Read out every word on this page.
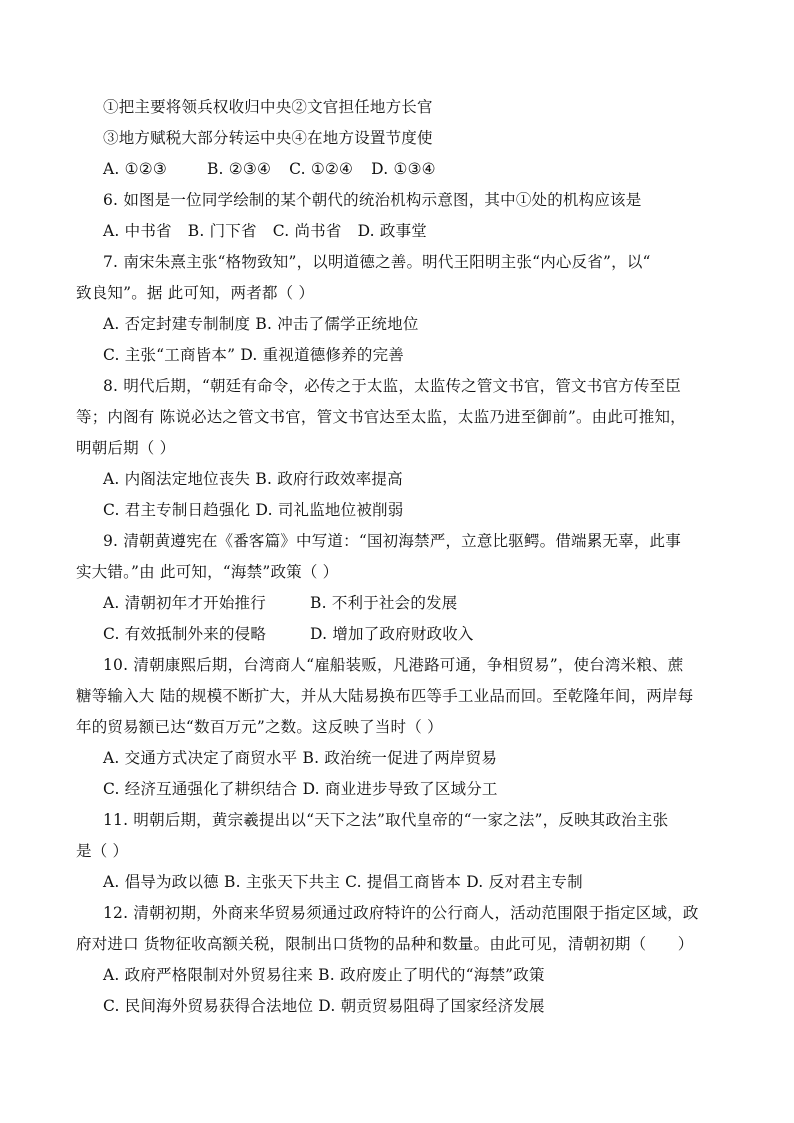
①把主要将领兵权收归中央②文官担任地方长官
③地方赋税大部分转运中央④在地方设置节度使
A. ①②③	B. ②③④ C. ①②④ D. ①③④
6. 如图是一位同学绘制的某个朝代的统治机构示意图，其中①处的机构应该是
A. 中书省 B. 门下省 C. 尚书省 D. 政事堂
7. 南宋朱熹主张“格物致知”，以明道德之善。明代王阳明主张“内心反省”，以“
致良知”。据 此可知，两者都（ ）
A. 否定封建专制制度 B. 冲击了儒学正统地位
C. 主张“工商皆本” D. 重视道德修养的完善
8. 明代后期，“朝廷有命令，必传之于太监，太监传之管文书官，管文书官方传至臣
等；内阁有 陈说必达之管文书官，管文书官达至太监，太监乃进至御前”。由此可推知，
明朝后期（ ）
A. 内阁法定地位丧失 B. 政府行政效率提高
C. 君主专制日趋强化 D. 司礼监地位被削弱
9. 清朝黄遵宪在《番客篇》中写道：“国初海禁严，立意比驱鳄。借端累无辜，此事
实大错。”由 此可知，“海禁”政策（ ）
A. 清朝初年才开始推行	B. 不利于社会的发展
C. 有效抵制外来的侵略	D. 增加了政府财政收入
10. 清朝康熙后期，台湾商人“雇船装贩，凡港路可通，争相贸易”，使台湾米粮、蔗
糖等输入大 陆的规模不断扩大，并从大陆易换布匹等手工业品而回。至乾隆年间，两岸每
年的贸易额已达“数百万元”之数。这反映了当时（ ）
A. 交通方式决定了商贸水平 B. 政治统一促进了两岸贸易
C. 经济互通强化了耕织结合 D. 商业进步导致了区域分工
11. 明朝后期，黄宗羲提出以“天下之法”取代皇帝的“一家之法”，反映其政治主张
是（ ）
A. 倡导为政以德 B. 主张天下共主 C. 提倡工商皆本 D. 反对君主专制
12. 清朝初期，外商来华贸易须通过政府特许的公行商人，活动范围限于指定区域，政
府对进口 货物征收高额关税，限制出口货物的品种和数量。由此可见，清朝初期（　　）
A. 政府严格限制对外贸易往来 B. 政府废止了明代的“海禁”政策
C. 民间海外贸易获得合法地位 D. 朝贡贸易阻碍了国家经济发展
